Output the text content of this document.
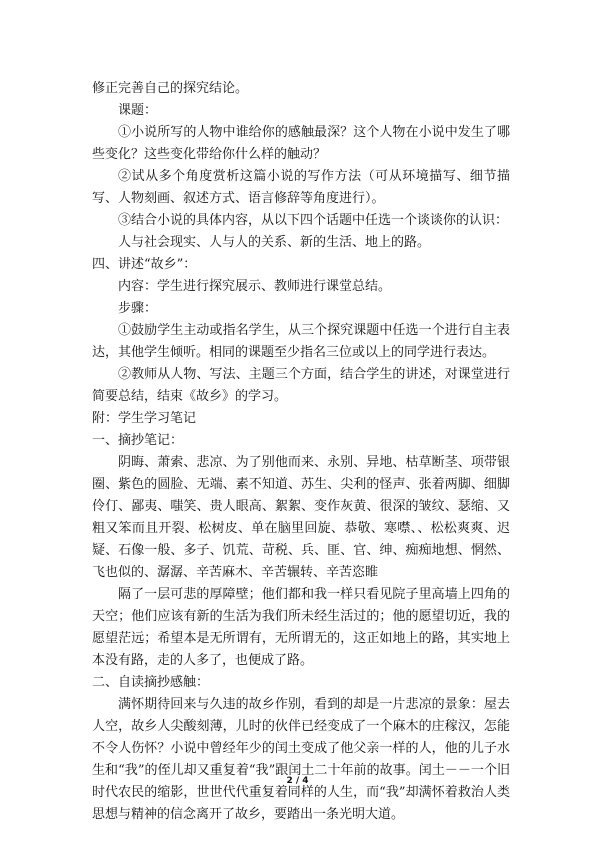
修正完善自己的探究结论。

课题：

①小说所写的人物中谁给你的感触最深？这个人物在小说中发生了哪些变化？这些变化带给你什么样的触动？

②试从多个角度赏析这篇小说的写作方法（可从环境描写、细节描写、人物刻画、叙述方式、语言修辞等角度进行）。

③结合小说的具体内容，从以下四个话题中任选一个谈谈你的认识：

人与社会现实、人与人的关系、新的生活、地上的路。

四、讲述“故乡”：

内容：学生进行探究展示、教师进行课堂总结。

步骤：

①鼓励学生主动或指名学生，从三个探究课题中任选一个进行自主表达，其他学生倾听。相同的课题至少指名三位或以上的同学进行表达。

②教师从人物、写法、主题三个方面，结合学生的讲述，对课堂进行简要总结，结束《故乡》的学习。

附：学生学习笔记

一、摘抄笔记：

阴晦、萧索、悲凉、为了别他而来、永别、异地、枯草断茎、项带银圈、紫色的圆脸、无端、素不知道、苏生、尖利的怪声、张着两脚、细脚伶仃、鄙夷、嗤笑、贵人眼高、絮絮、变作灰黄、很深的皱纹、瑟缩、又粗又笨而且开裂、松树皮、单在脑里回旋、恭敬、寒噤、、松松爽爽、迟疑、石像一般、多子、饥荒、苛税、兵、匪、官、绅、痴痴地想、惘然、飞也似的、潺潺、辛苦麻木、辛苦辗转、辛苦恣睢

隔了一层可悲的厚障壁；他们都和我一样只看见院子里高墙上四角的天空；他们应该有新的生活为我们所未经生活过的；他的愿望切近，我的愿望茫远；希望本是无所谓有，无所谓无的，这正如地上的路，其实地上本没有路，走的人多了，也便成了路。

二、自读摘抄感触：

满怀期待回来与久违的故乡作别，看到的却是一片悲凉的景象：屋去人空，故乡人尖酸刻薄，儿时的伙伴已经变成了一个麻木的庄稼汉，怎能不令人伤怀？小说中曾经年少的闰土变成了他父亲一样的人，他的儿子水生和“我”的侄儿却又重复着“我”跟闰土二十年前的故事。闰土－－一个旧时代农民的缩影，世世代代重复着同样的人生，而“我”却满怀着救治人类思想与精神的信念离开了故乡，要踏出一条光明大道。

2 / 4
